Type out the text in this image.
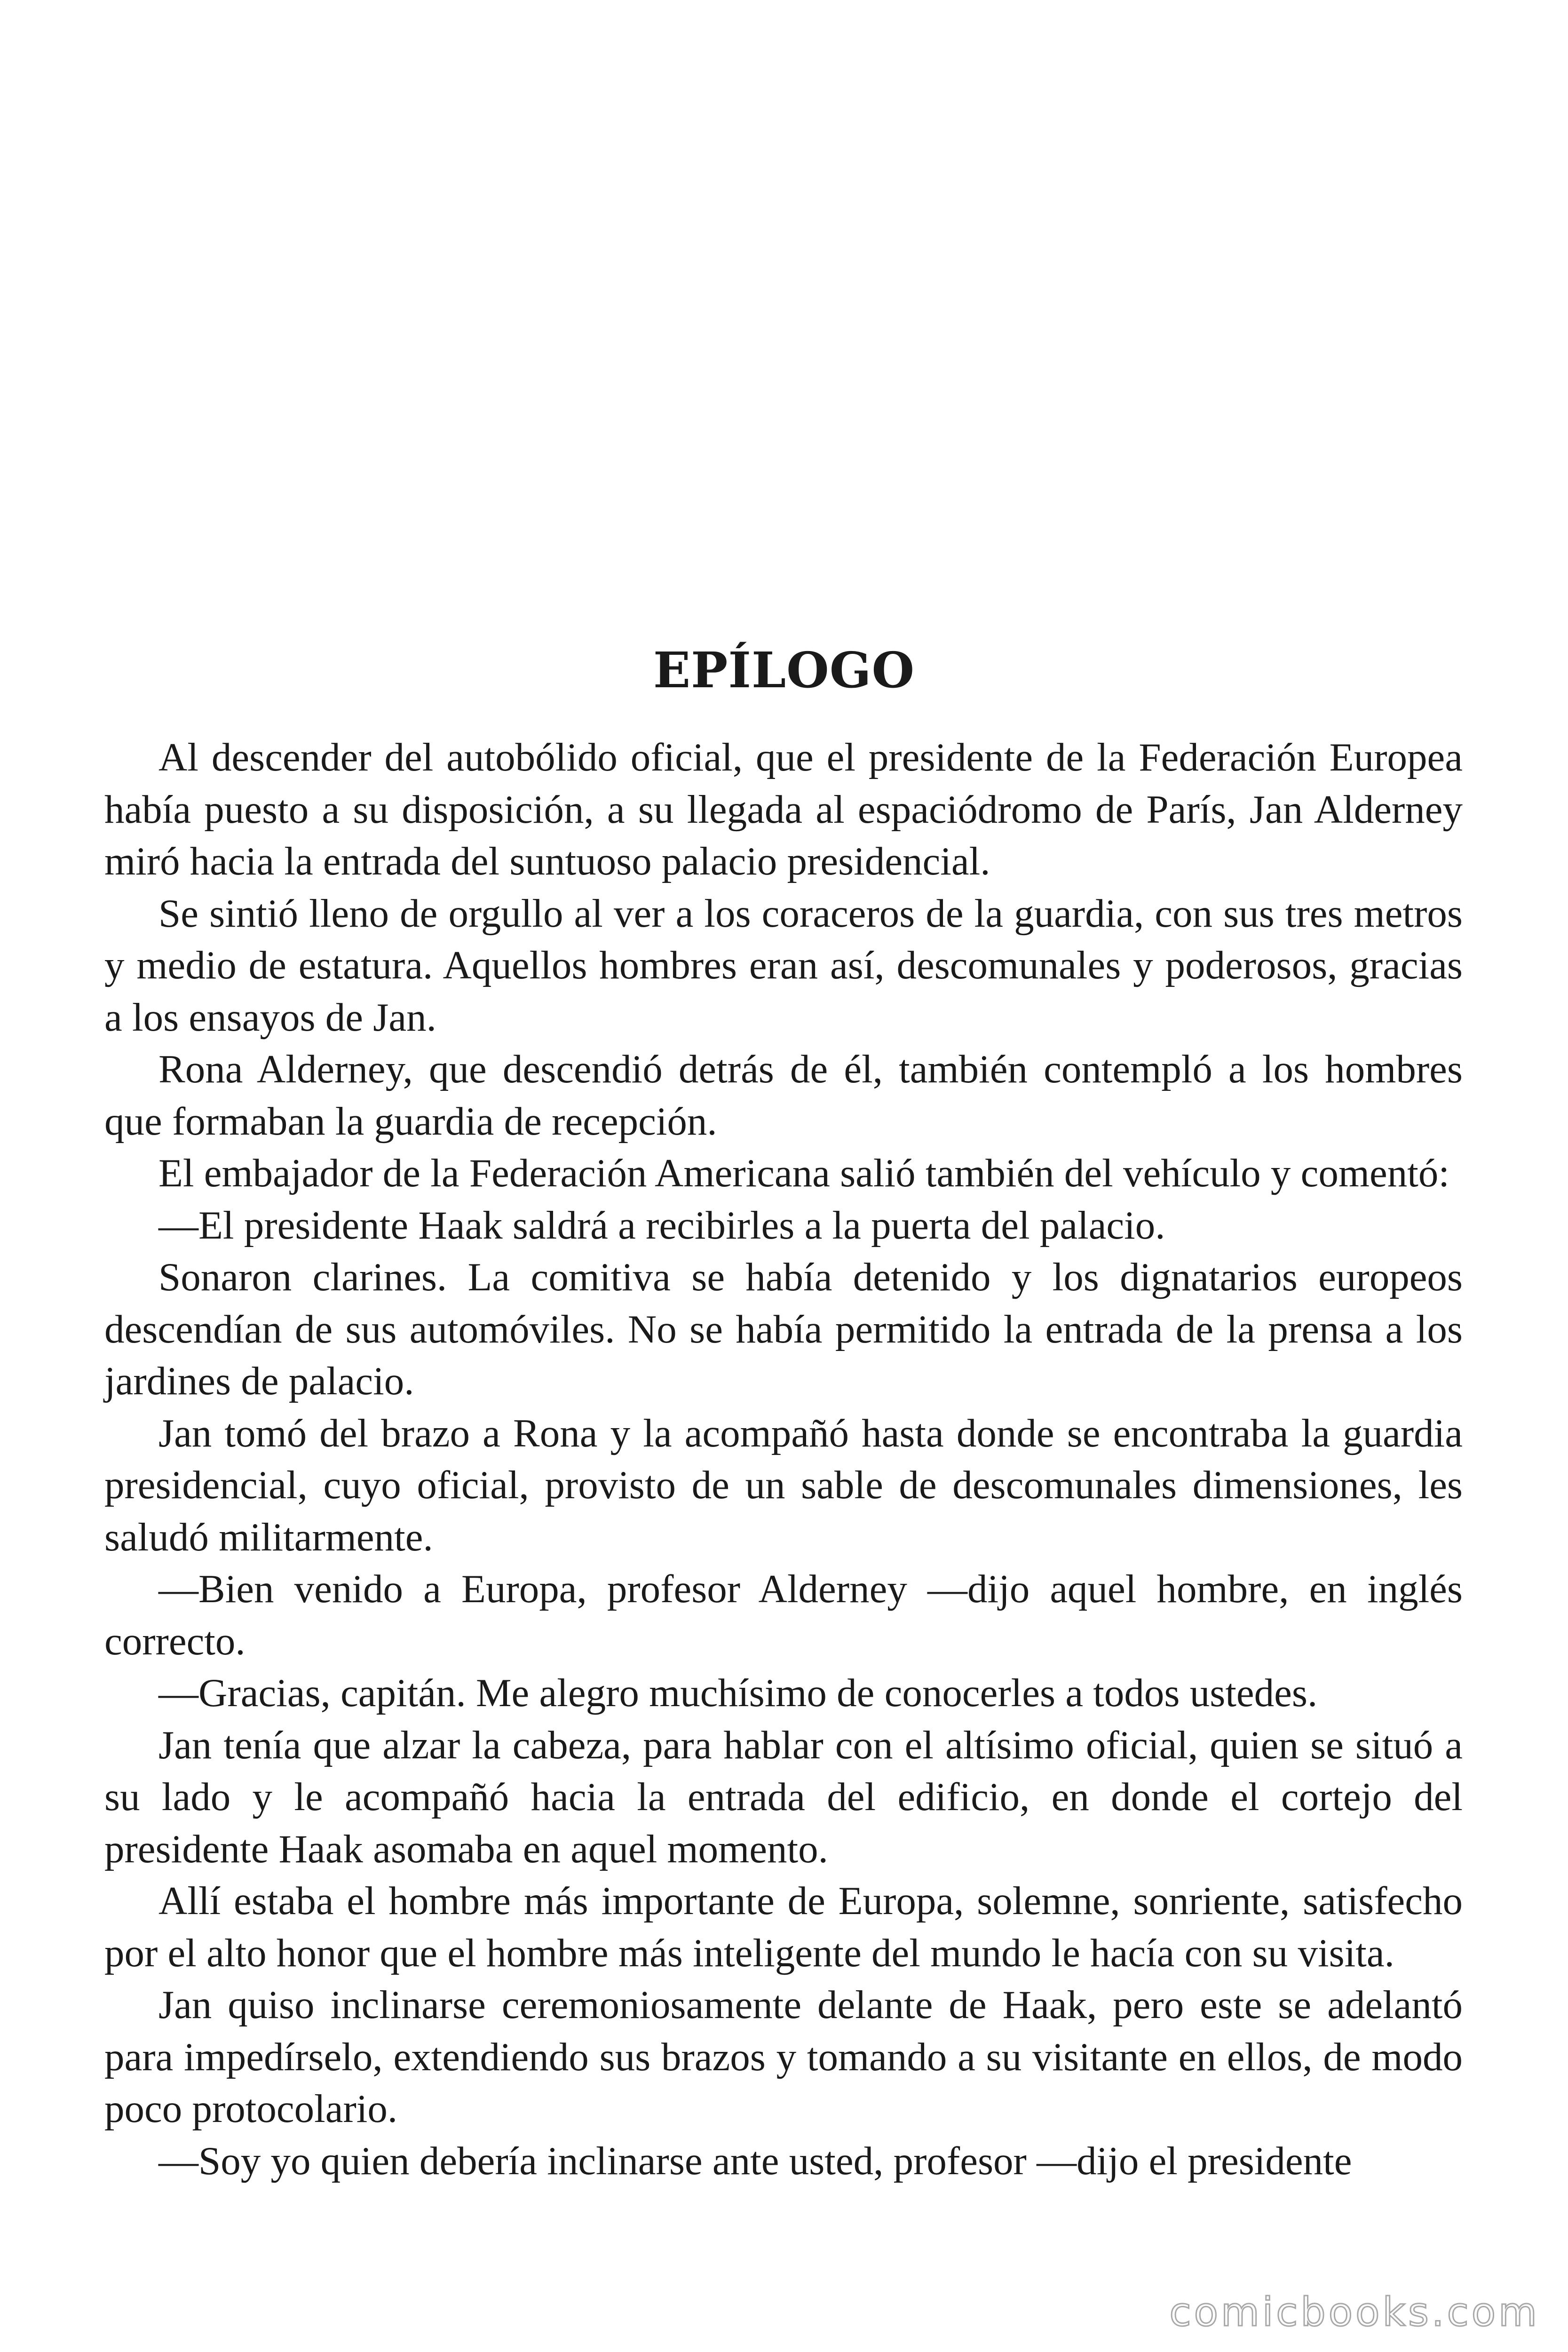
EPÍLOGO

Al descender del autobólido oficial, que el presidente de la Federación Europea había puesto a su disposición, a su llegada al espaciódromo de París, Jan Alderney miró hacia la entrada del suntuoso palacio presidencial.

Se sintió lleno de orgullo al ver a los coraceros de la guardia, con sus tres metros y medio de estatura. Aquellos hombres eran así, descomunales y poderosos, gracias a los ensayos de Jan.

Rona Alderney, que descendió detrás de él, también contempló a los hombres que formaban la guardia de recepción.

El embajador de la Federación Americana salió también del vehículo y comentó:

—El presidente Haak saldrá a recibirles a la puerta del palacio.

Sonaron clarines. La comitiva se había detenido y los dignatarios europeos descendían de sus automóviles. No se había permitido la entrada de la prensa a los jardines de palacio.

Jan tomó del brazo a Rona y la acompañó hasta donde se encontraba la guardia presidencial, cuyo oficial, provisto de un sable de descomunales dimensiones, les saludó militarmente.

—Bien venido a Europa, profesor Alderney —dijo aquel hombre, en inglés correcto.

—Gracias, capitán. Me alegro muchísimo de conocerles a todos ustedes.

Jan tenía que alzar la cabeza, para hablar con el altísimo oficial, quien se situó a su lado y le acompañó hacia la entrada del edificio, en donde el cortejo del presidente Haak asomaba en aquel momento.

Allí estaba el hombre más importante de Europa, solemne, sonriente, satisfecho por el alto honor que el hombre más inteligente del mundo le hacía con su visita.

Jan quiso inclinarse ceremoniosamente delante de Haak, pero este se adelantó para impedírselo, extendiendo sus brazos y tomando a su visitante en ellos, de modo poco protocolario.

—Soy yo quien debería inclinarse ante usted, profesor —dijo el presidente

comicbooks.com
